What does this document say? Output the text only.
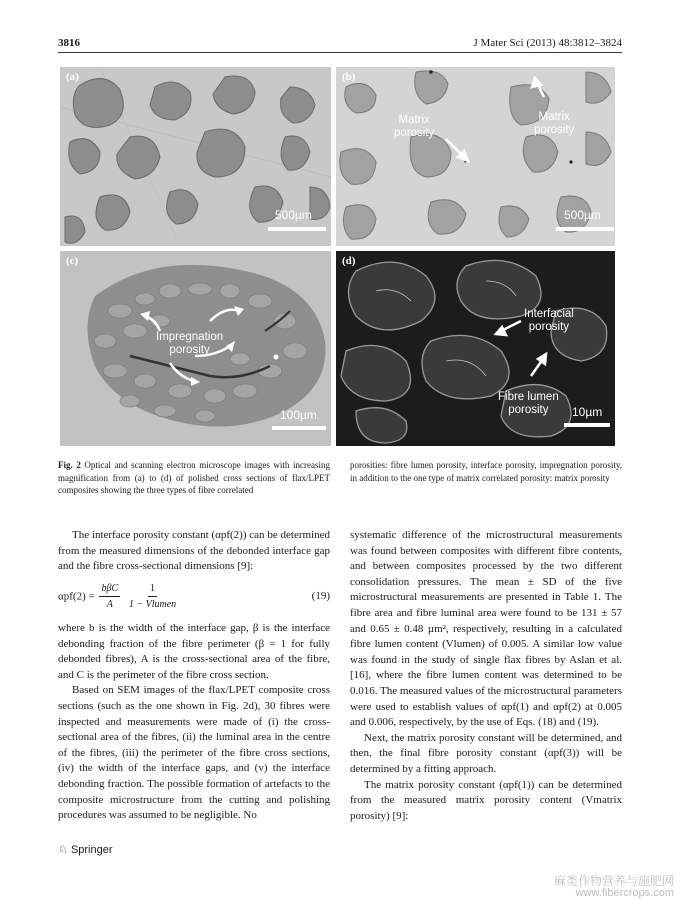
3816	J Mater Sci (2013) 48:3812–3824
(a)
500µm
(b)
Matrix
porosity
Matrix
porosity
500µm
(c)
Impregnation
porosity
100µm
(d)
Interfacial
porosity
Fibre lumen
porosity	10µm
Fig. 2 Optical and scanning electron microscope images with increasing magnification from (a) to (d) of polished cross sections of flax/LPET composites showing the three types of fibre correlated
porosities: fibre lumen porosity, interface porosity, impregnation porosity, in addition to the one type of matrix correlated porosity: matrix porosity

The interface porosity constant (αpf(2)) can be determined from the measured dimensions of the debonded interface gap and the fibre cross-sectional dimensions [9]:

$\alpha pf(2) = \frac{\text{bβC}}{A}$
$\frac{1}{\text{1 − Vlumen}}$	(19)

where b is the width of the interface gap, β is the interface debonding fraction of the fibre perimeter (β = 1 for fully debonded fibres), A is the cross-sectional area of the fibre, and C is the perimeter of the fibre cross section.

Based on SEM images of the flax/LPET composite cross sections (such as the one shown in Fig. 2d), 30 fibres were inspected and measurements were made of (i) the cross-sectional area of the fibres, (ii) the luminal area in the centre of the fibres, (iii) the perimeter of the fibre cross sections, (iv) the width of the interface gaps, and (v) the interface debonding fraction. The possible formation of artefacts to the composite microstructure from the cutting and polishing procedures was assumed to be negligible. No

systematic difference of the microstructural measurements was found between composites with different fibre contents, and between composites processed by the two different consolidation pressures. The mean ± SD of the five microstructural measurements are presented in Table 1. The fibre area and fibre luminal area were found to be 131 ± 57 and 0.65 ± 0.48 µm², respectively, resulting in a calculated fibre lumen content (Vlumen) of 0.005. A similar low value was found in the study of single flax fibres by Aslan et al. [16], where the fibre lumen content was determined to be 0.016. The measured values of the microstructural parameters were used to establish values of αpf(1) and αpf(2) at 0.005 and 0.006, respectively, by the use of Eqs. (18) and (19).

Next, the matrix porosity constant will be determined, and then, the final fibre porosity constant (αpf(3)) will be determined by a fitting approach.

The matrix porosity constant (αpf(1)) can be determined from the measured matrix porosity content (Vmatrix porosity) [9]:

♘ Springer
麻类作物营养与施肥网
www.fibercrops.com
